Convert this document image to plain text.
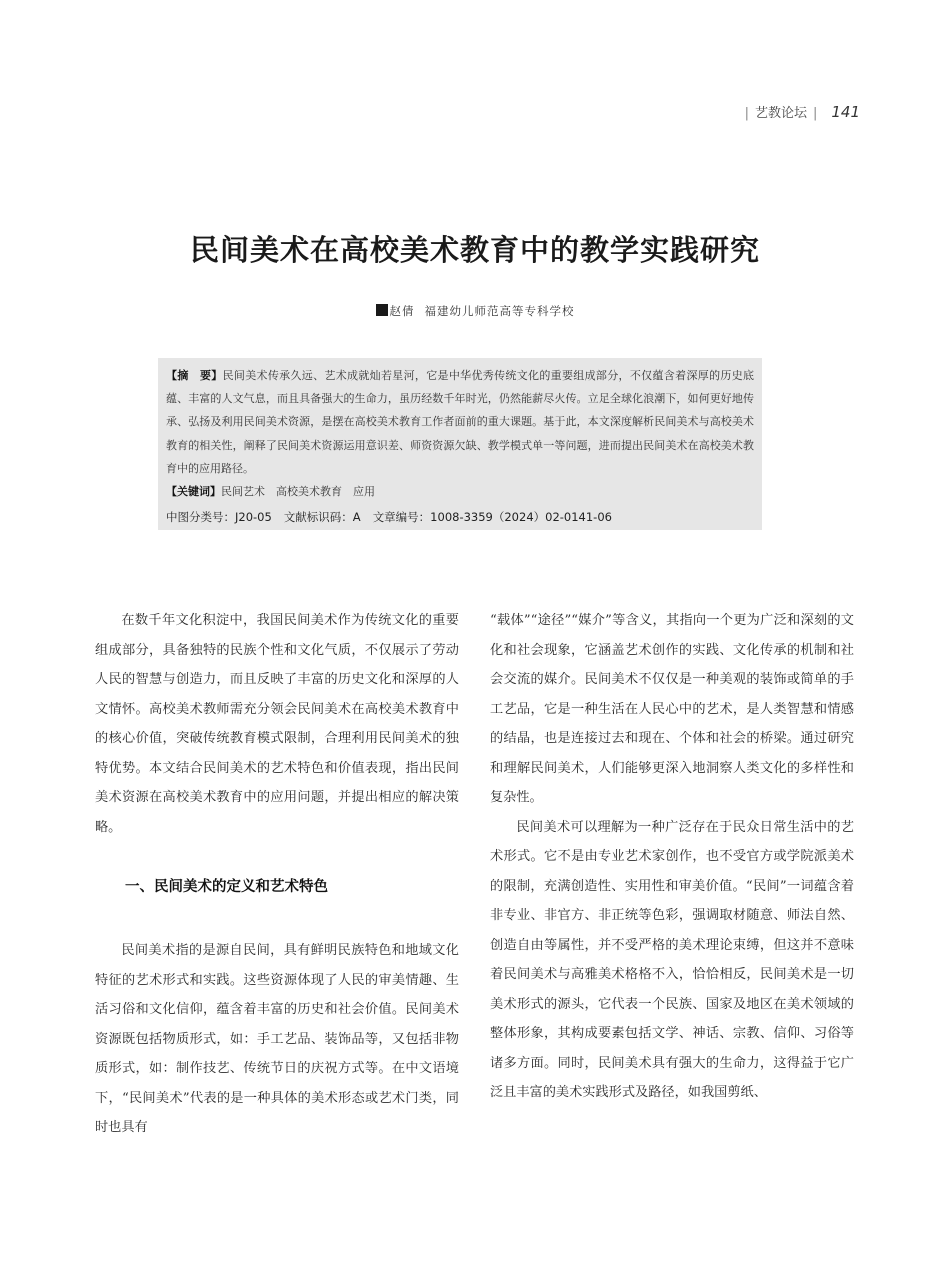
| 艺教论坛 | 141
民间美术在高校美术教育中的教学实践研究
赵倩 福建幼儿师范高等专科学校

【摘　要】民间美术传承久远、艺术成就灿若星河，它是中华优秀传统文化的重要组成部分，不仅蕴含着深厚的历史底蕴、丰富的人文气息，而且具备强大的生命力，虽历经数千年时光，仍然能薪尽火传。立足全球化浪潮下，如何更好地传承、弘扬及利用民间美术资源，是摆在高校美术教育工作者面前的重大课题。基于此，本文深度解析民间美术与高校美术教育的相关性，阐释了民间美术资源运用意识差、师资资源欠缺、教学模式单一等问题，进而提出民间美术在高校美术教育中的应用路径。

【关键词】民间艺术　高校美术教育　应用

中图分类号：J20-05 文献标识码：A 文章编号：1008-3359（2024）02-0141-06

在数千年文化积淀中，我国民间美术作为传统文化的重要组成部分，具备独特的民族个性和文化气质，不仅展示了劳动人民的智慧与创造力，而且反映了丰富的历史文化和深厚的人文情怀。高校美术教师需充分领会民间美术在高校美术教育中的核心价值，突破传统教育模式限制，合理利用民间美术的独特优势。本文结合民间美术的艺术特色和价值表现，指出民间美术资源在高校美术教育中的应用问题，并提出相应的解决策略。

一、民间美术的定义和艺术特色

民间美术指的是源自民间，具有鲜明民族特色和地域文化特征的艺术形式和实践。这些资源体现了人民的审美情趣、生活习俗和文化信仰，蕴含着丰富的历史和社会价值。民间美术资源既包括物质形式，如：手工艺品、装饰品等，又包括非物质形式，如：制作技艺、传统节日的庆祝方式等。在中文语境下，“民间美术”代表的是一种具体的美术形态或艺术门类，同时也具有

“载体”“途径”“媒介”等含义，其指向一个更为广泛和深刻的文化和社会现象，它涵盖艺术创作的实践、文化传承的机制和社会交流的媒介。民间美术不仅仅是一种美观的装饰或简单的手工艺品，它是一种生活在人民心中的艺术，是人类智慧和情感的结晶，也是连接过去和现在、个体和社会的桥梁。通过研究和理解民间美术，人们能够更深入地洞察人类文化的多样性和复杂性。

民间美术可以理解为一种广泛存在于民众日常生活中的艺术形式。它不是由专业艺术家创作，也不受官方或学院派美术的限制，充满创造性、实用性和审美价值。“民间”一词蕴含着非专业、非官方、非正统等色彩，强调取材随意、师法自然、创造自由等属性，并不受严格的美术理论束缚，但这并不意味着民间美术与高雅美术格格不入，恰恰相反，民间美术是一切美术形式的源头，它代表一个民族、国家及地区在美术领域的整体形象，其构成要素包括文学、神话、宗教、信仰、习俗等诸多方面。同时，民间美术具有强大的生命力，这得益于它广泛且丰富的美术实践形式及路径，如我国剪纸、
